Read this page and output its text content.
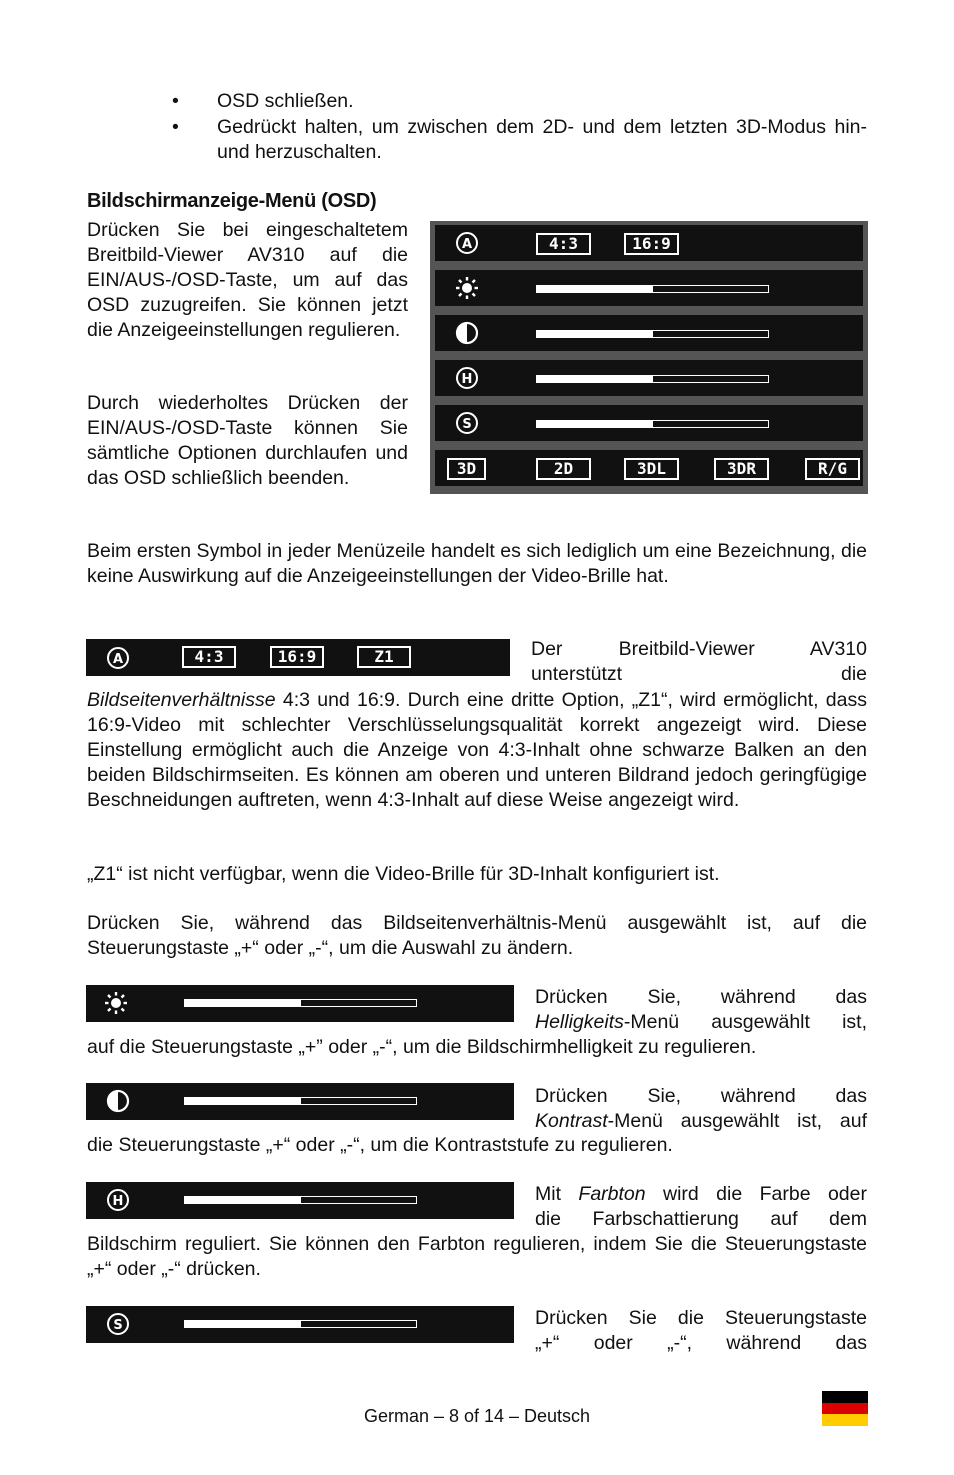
• OSD schließen.
• Gedrückt halten, um zwischen dem 2D- und dem letzten 3D-Modus hin- und herzuschalten.
Bildschirmanzeige-Menü (OSD)
Drücken Sie bei eingeschaltetem Breitbild-Viewer AV310 auf die EIN/AUS-/OSD-Taste, um auf das OSD zuzugreifen. Sie können jetzt die Anzeigeeinstellungen regulieren.
Durch wiederholtes Drücken der EIN/AUS-/OSD-Taste können Sie sämtliche Optionen durchlaufen und das OSD schließlich beenden.
A	4:3	16:9
H
S
3D	2D	3DL	3DR	R/G
Beim ersten Symbol in jeder Menüzeile handelt es sich lediglich um eine Bezeichnung, die keine Auswirkung auf die Anzeigeeinstellungen der Video-Brille hat.
A	4:3	16:9	Z1	Der Breitbild-Viewer AV310
unterstützt die
Bildseitenverhältnisse 4:3 und 16:9. Durch eine dritte Option, „Z1“, wird ermöglicht, dass 16:9-Video mit schlechter Verschlüsselungsqualität korrekt angezeigt wird. Diese Einstellung ermöglicht auch die Anzeige von 4:3-Inhalt ohne schwarze Balken an den beiden Bildschirmseiten. Es können am oberen und unteren Bildrand jedoch geringfügige Beschneidungen auftreten, wenn 4:3-Inhalt auf diese Weise angezeigt wird.
„Z1“ ist nicht verfügbar, wenn die Video-Brille für 3D-Inhalt konfiguriert ist.
Drücken Sie, während das Bildseitenverhältnis-Menü ausgewählt ist, auf die Steuerungstaste „+“ oder „-“, um die Auswahl zu ändern.
Drücken Sie, während das
Helligkeits-Menü ausgewählt ist,
auf die Steuerungstaste „+” oder „-“, um die Bildschirmhelligkeit zu regulieren.
Drücken Sie, während das
Kontrast-Menü ausgewählt ist, auf
die Steuerungstaste „+“ oder „-“, um die Kontraststufe zu regulieren.
H	Mit Farbton wird die Farbe oder
die Farbschattierung auf dem
Bildschirm reguliert. Sie können den Farbton regulieren, indem Sie die Steuerungstaste „+“ oder „-“ drücken.
S	Drücken Sie die Steuerungstaste
„+“ oder „-“, während das
German – 8 of 14 – Deutsch
